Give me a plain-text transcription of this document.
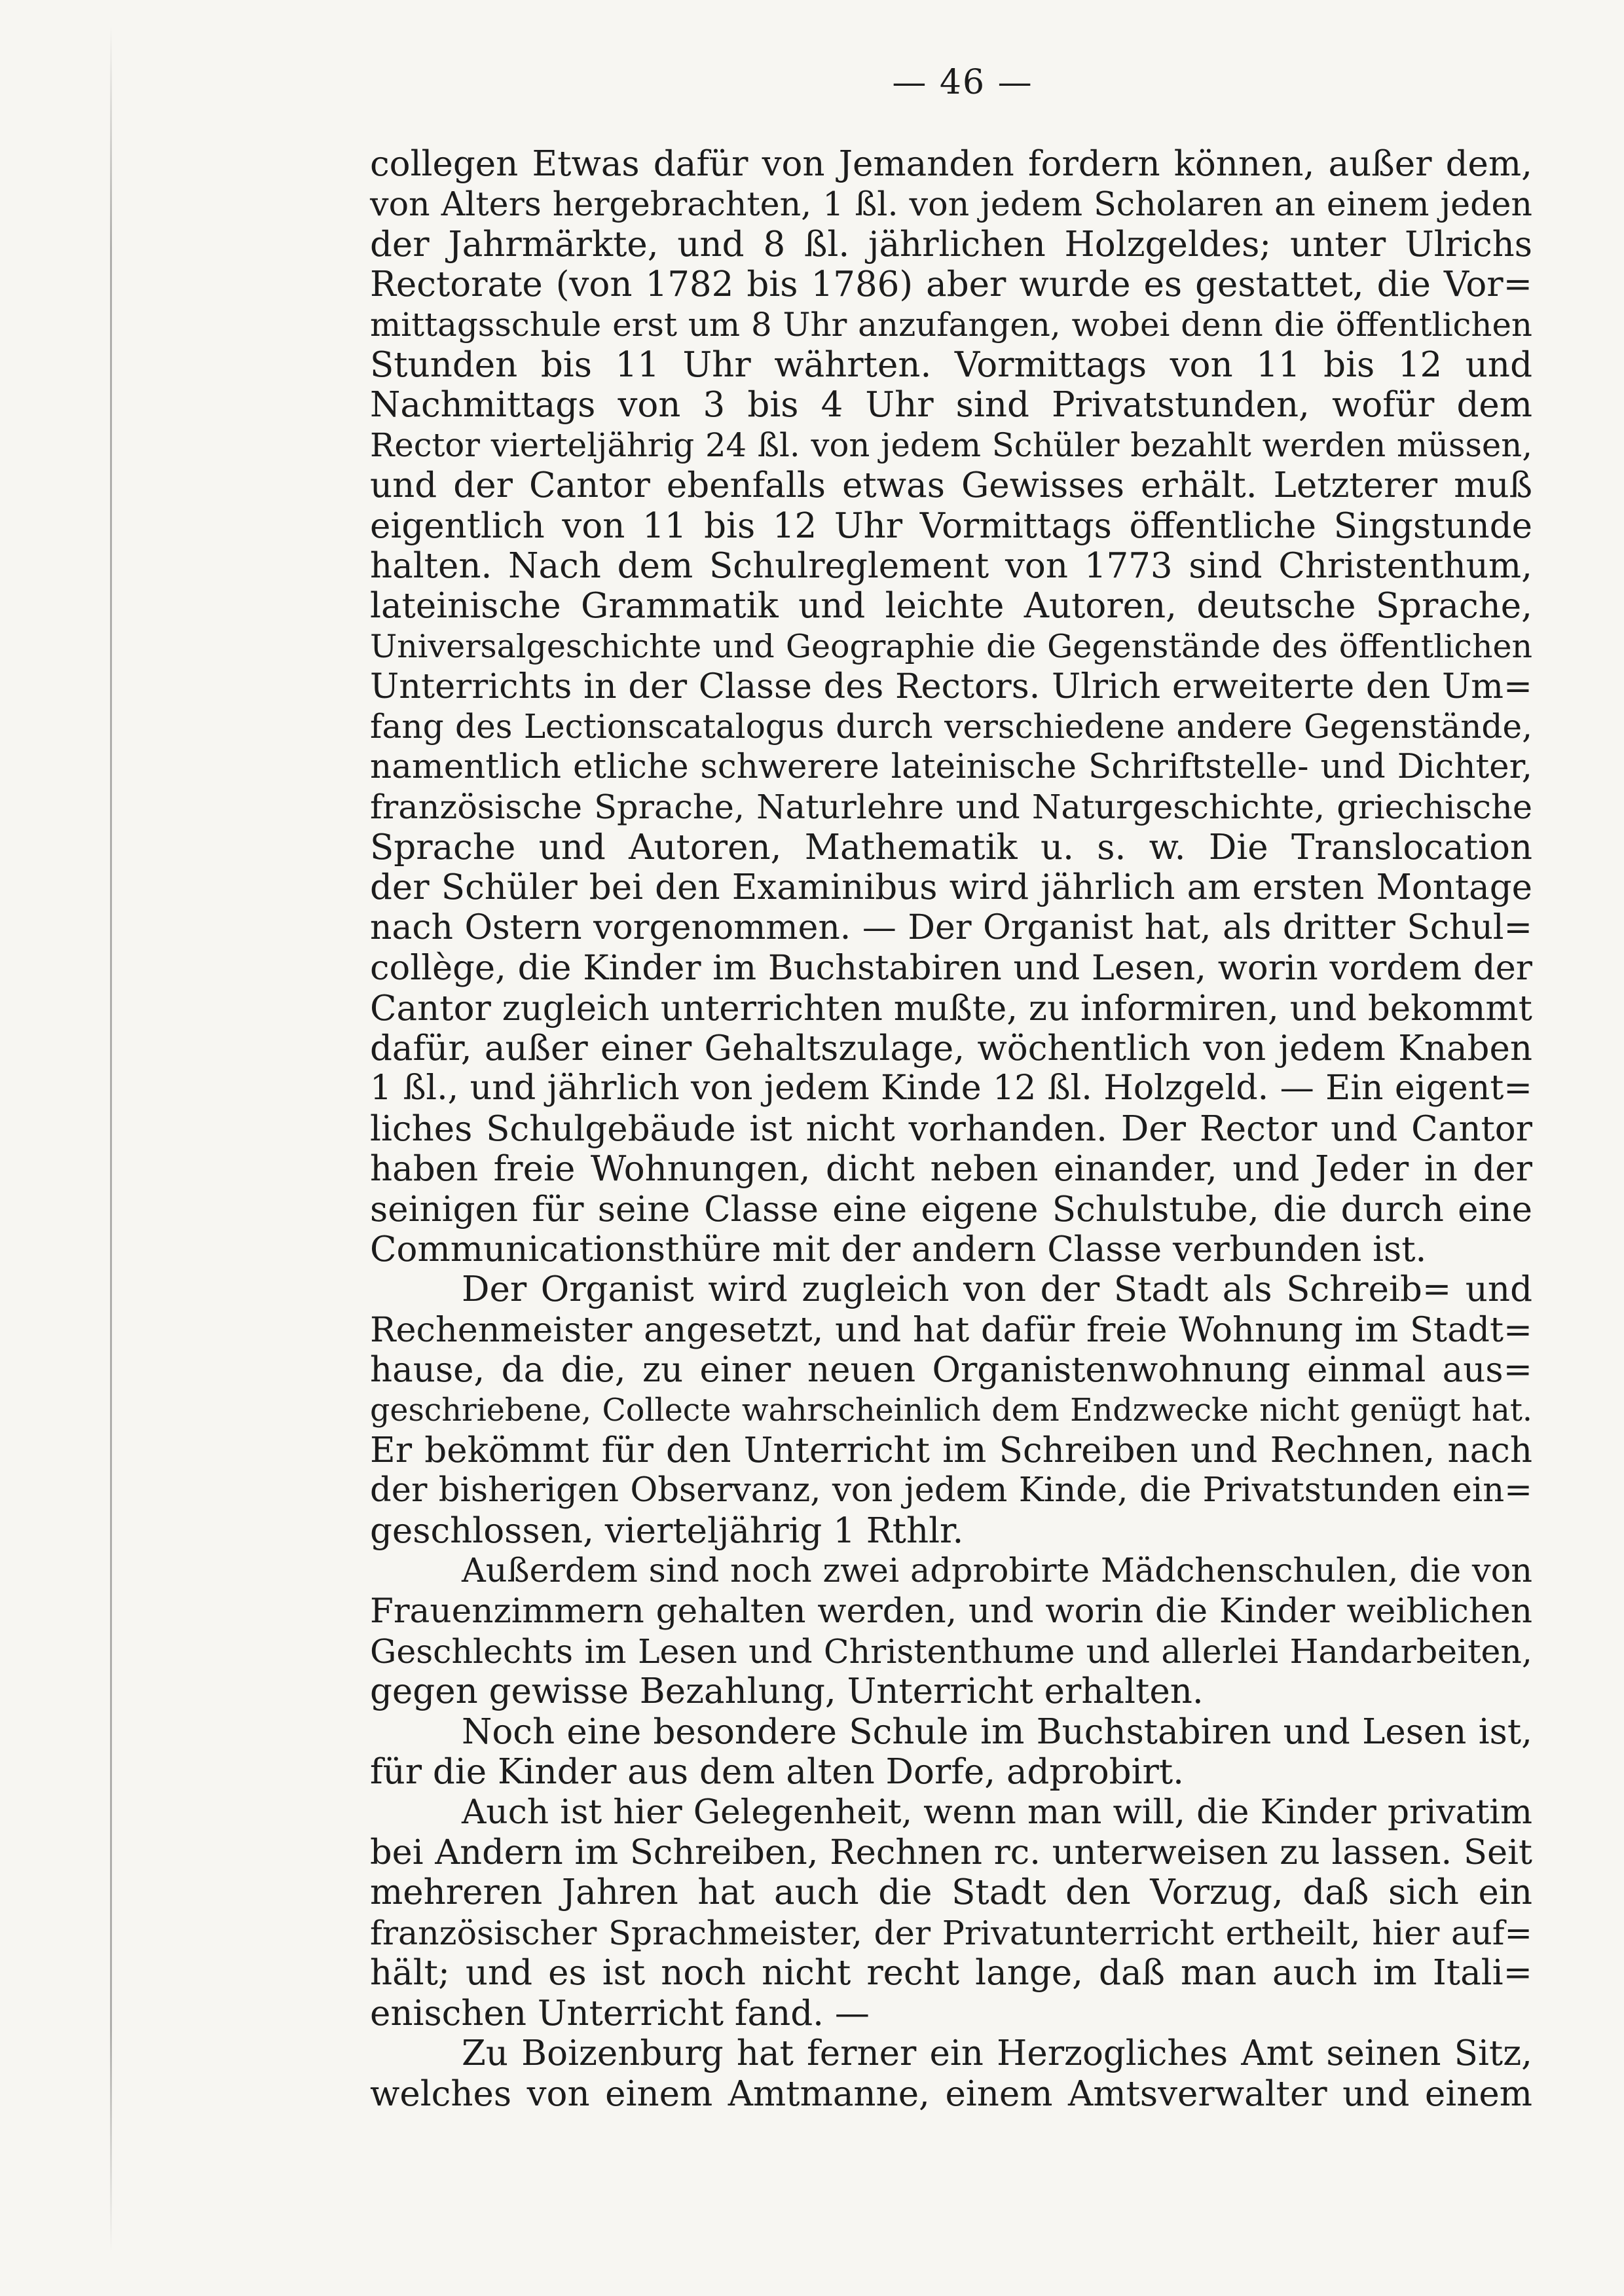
— 46 —
collegen Etwas dafür von Jemanden fordern können, außer dem,
von Alters hergebrachten, 1 ßl. von jedem Scholaren an einem jeden
der Jahrmärkte, und 8 ßl. jährlichen Holzgeldes; unter Ulrichs
Rectorate (von 1782 bis 1786) aber wurde es gestattet, die Vor=
mittagsschule erst um 8 Uhr anzufangen, wobei denn die öffentlichen
Stunden bis 11 Uhr währten. Vormittags von 11 bis 12 und
Nachmittags von 3 bis 4 Uhr sind Privatstunden, wofür dem
Rector vierteljährig 24 ßl. von jedem Schüler bezahlt werden müssen,
und der Cantor ebenfalls etwas Gewisses erhält. Letzterer muß
eigentlich von 11 bis 12 Uhr Vormittags öffentliche Singstunde
halten. Nach dem Schulreglement von 1773 sind Christenthum,
lateinische Grammatik und leichte Autoren, deutsche Sprache,
Universalgeschichte und Geographie die Gegenstände des öffentlichen
Unterrichts in der Classe des Rectors. Ulrich erweiterte den Um=
fang des Lectionscatalogus durch verschiedene andere Gegenstände,
namentlich etliche schwerere lateinische Schriftstelle- und Dichter,
französische Sprache, Naturlehre und Naturgeschichte, griechische
Sprache und Autoren, Mathematik u. s. w. Die Translocation
der Schüler bei den Examinibus wird jährlich am ersten Montage
nach Ostern vorgenommen. — Der Organist hat, als dritter Schul=
collège, die Kinder im Buchstabiren und Lesen, worin vordem der
Cantor zugleich unterrichten mußte, zu informiren, und bekommt
dafür, außer einer Gehaltszulage, wöchentlich von jedem Knaben
1 ßl., und jährlich von jedem Kinde 12 ßl. Holzgeld. — Ein eigent=
liches Schulgebäude ist nicht vorhanden. Der Rector und Cantor
haben freie Wohnungen, dicht neben einander, und Jeder in der
seinigen für seine Classe eine eigene Schulstube, die durch eine
Communicationsthüre mit der andern Classe verbunden ist.
Der Organist wird zugleich von der Stadt als Schreib= und
Rechenmeister angesetzt, und hat dafür freie Wohnung im Stadt=
hause, da die, zu einer neuen Organistenwohnung einmal aus=
geschriebene, Collecte wahrscheinlich dem Endzwecke nicht genügt hat.
Er bekömmt für den Unterricht im Schreiben und Rechnen, nach
der bisherigen Observanz, von jedem Kinde, die Privatstunden ein=
geschlossen, vierteljährig 1 Rthlr.
Außerdem sind noch zwei adprobirte Mädchenschulen, die von
Frauenzimmern gehalten werden, und worin die Kinder weiblichen
Geschlechts im Lesen und Christenthume und allerlei Handarbeiten,
gegen gewisse Bezahlung, Unterricht erhalten.
Noch eine besondere Schule im Buchstabiren und Lesen ist,
für die Kinder aus dem alten Dorfe, adprobirt.
Auch ist hier Gelegenheit, wenn man will, die Kinder privatim
bei Andern im Schreiben, Rechnen rc. unterweisen zu lassen. Seit
mehreren Jahren hat auch die Stadt den Vorzug, daß sich ein
französischer Sprachmeister, der Privatunterricht ertheilt, hier auf=
hält; und es ist noch nicht recht lange, daß man auch im Itali=
enischen Unterricht fand. —
Zu Boizenburg hat ferner ein Herzogliches Amt seinen Sitz,
welches von einem Amtmanne, einem Amtsverwalter und einem
